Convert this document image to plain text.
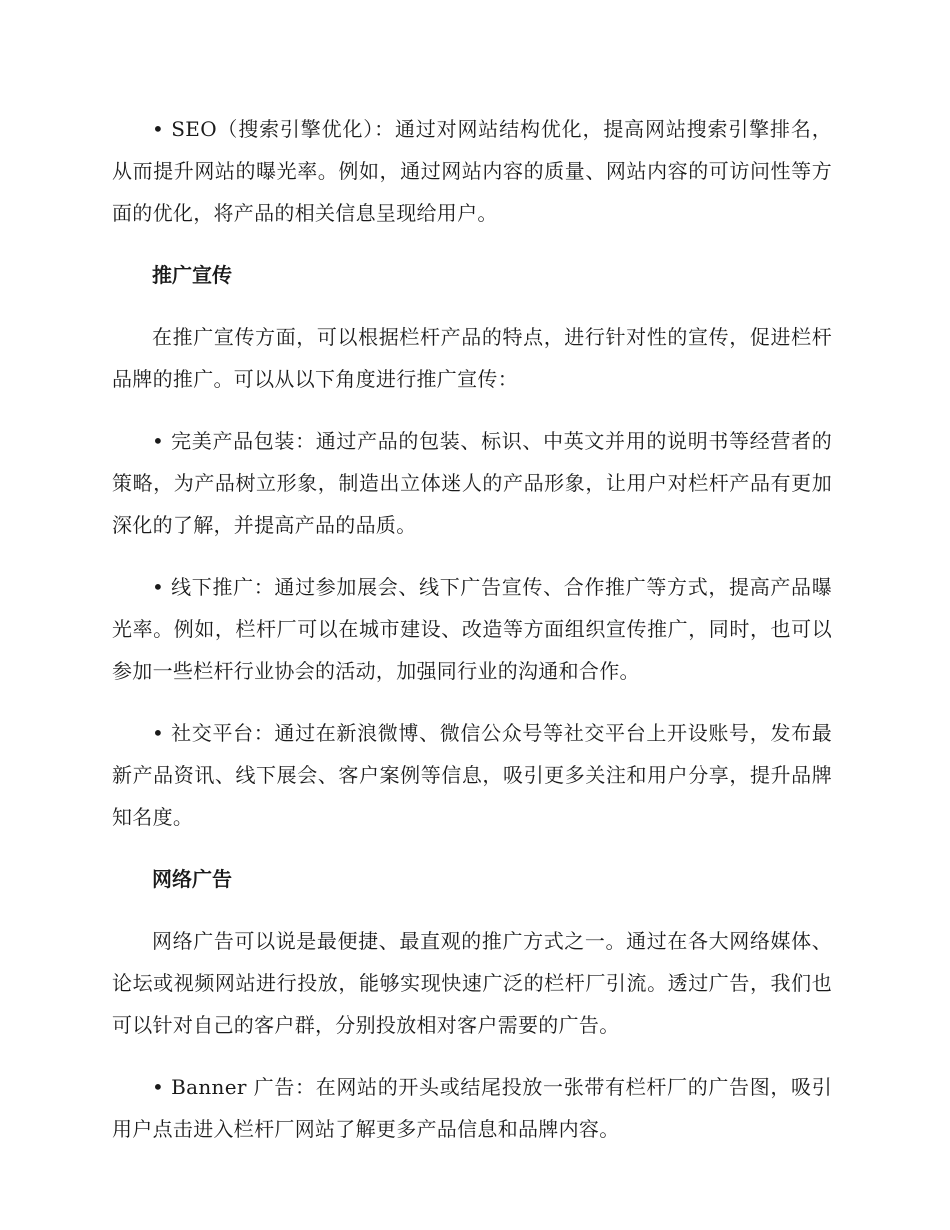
• SEO（搜索引擎优化）：通过对网站结构优化，提高网站搜索引擎排名，从而提升网站的曝光率。例如，通过网站内容的质量、网站内容的可访问性等方面的优化，将产品的相关信息呈现给用户。

推广宣传

在推广宣传方面，可以根据栏杆产品的特点，进行针对性的宣传，促进栏杆品牌的推广。可以从以下角度进行推广宣传：

• 完美产品包装：通过产品的包装、标识、中英文并用的说明书等经营者的策略，为产品树立形象，制造出立体迷人的产品形象，让用户对栏杆产品有更加深化的了解，并提高产品的品质。

• 线下推广：通过参加展会、线下广告宣传、合作推广等方式，提高产品曝光率。例如，栏杆厂可以在城市建设、改造等方面组织宣传推广，同时，也可以参加一些栏杆行业协会的活动，加强同行业的沟通和合作。

• 社交平台：通过在新浪微博、微信公众号等社交平台上开设账号，发布最新产品资讯、线下展会、客户案例等信息，吸引更多关注和用户分享，提升品牌知名度。

网络广告

网络广告可以说是最便捷、最直观的推广方式之一。通过在各大网络媒体、论坛或视频网站进行投放，能够实现快速广泛的栏杆厂引流。透过广告，我们也可以针对自己的客户群，分别投放相对客户需要的广告。

• Banner 广告：在网站的开头或结尾投放一张带有栏杆厂的广告图，吸引用户点击进入栏杆厂网站了解更多产品信息和品牌内容。
